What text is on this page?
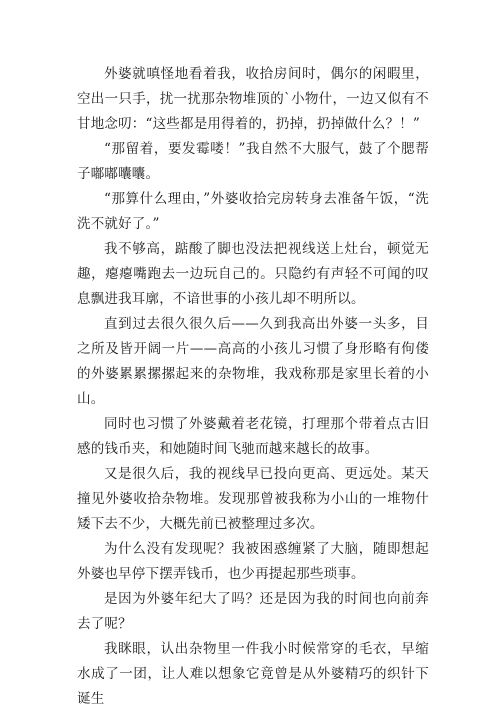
外婆就嗔怪地看着我，收拾房间时，偶尔的闲暇里，空出一只手，扰一扰那杂物堆顶的`小物什，一边又似有不甘地念叨：“这些都是用得着的，扔掉，扔掉做什么？！”

“那留着，要发霉喽！”我自然不大服气，鼓了个腮帮子嘟嘟囔囔。

“那算什么理由，”外婆收拾完房转身去准备午饭，“洗洗不就好了。”

我不够高，踮酸了脚也没法把视线送上灶台，顿觉无趣，瘪瘪嘴跑去一边玩自己的。只隐约有声轻不可闻的叹息飘进我耳廓，不谙世事的小孩儿却不明所以。

直到过去很久很久后——久到我高出外婆一头多，目之所及皆开阔一片——高高的小孩儿习惯了身形略有佝偻的外婆累累摞摞起来的杂物堆，我戏称那是家里长着的小山。

同时也习惯了外婆戴着老花镜，打理那个带着点古旧感的钱币夹，和她随时间飞驰而越来越长的故事。

又是很久后，我的视线早已投向更高、更远处。某天撞见外婆收拾杂物堆。发现那曾被我称为小山的一堆物什矮下去不少，大概先前已被整理过多次。

为什么没有发现呢？我被困惑缠紧了大脑，随即想起外婆也早停下摆弄钱币，也少再提起那些琐事。

是因为外婆年纪大了吗？还是因为我的时间也向前奔去了呢？

我眯眼，认出杂物里一件我小时候常穿的毛衣，早缩水成了一团，让人难以想象它竟曾是从外婆精巧的织针下诞生
